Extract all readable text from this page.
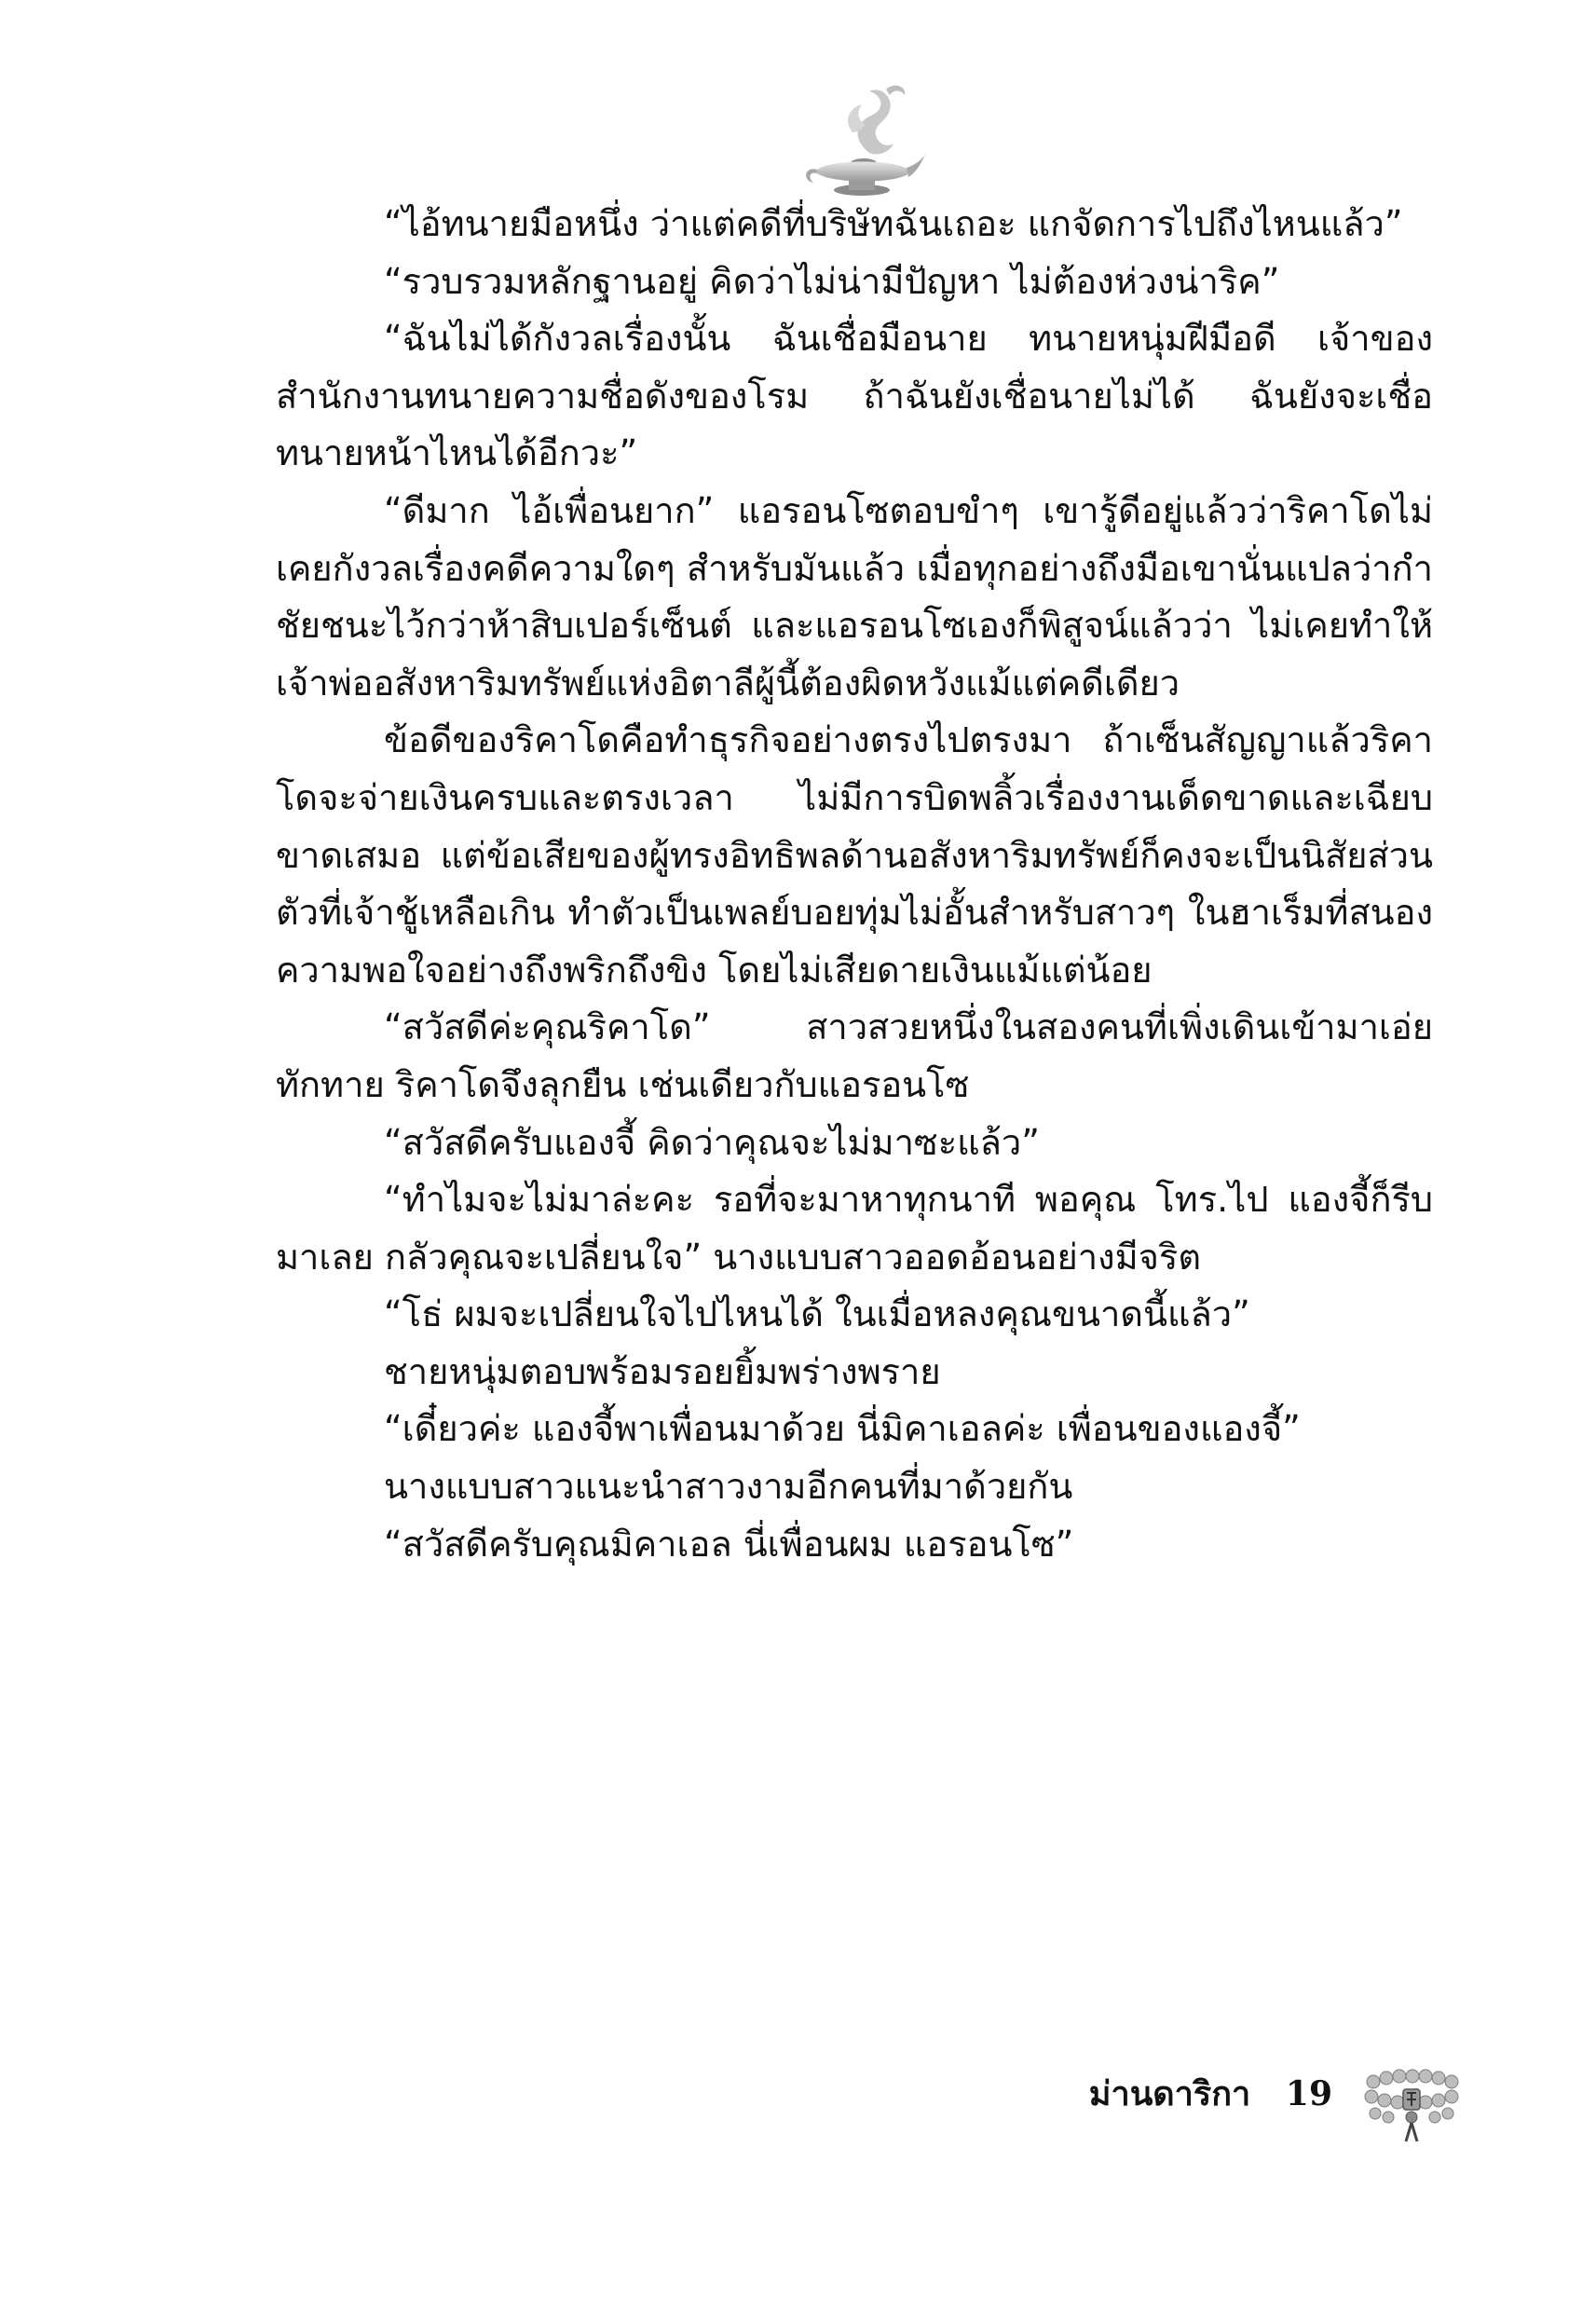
“ไอ้ทนายมือหนึ่ง ว่าแต่คดีที่บริษัทฉันเถอะ แกจัดการไปถึงไหนแล้ว”

“รวบรวมหลักฐานอยู่ คิดว่าไม่น่ามีปัญหา ไม่ต้องห่วงน่าริค”

“ฉันไม่ได้กังวลเรื่องนั้น ฉันเชื่อมือนาย ทนายหนุ่มฝีมือดี เจ้าของสำนักงานทนายความชื่อดังของโรม ถ้าฉันยังเชื่อนายไม่ได้ ฉันยังจะเชื่อทนายหน้าไหนได้อีกวะ”

“ดีมาก ไอ้เพื่อนยาก” แอรอนโซตอบขำๆ เขารู้ดีอยู่แล้วว่าริคาโดไม่เคยกังวลเรื่องคดีความใดๆ สำหรับมันแล้ว เมื่อทุกอย่างถึงมือเขานั่นแปลว่ากำชัยชนะไว้กว่าห้าสิบเปอร์เซ็นต์ และแอรอนโซเองก็พิสูจน์แล้วว่า ไม่เคยทำให้เจ้าพ่ออสังหาริมทรัพย์แห่งอิตาลีผู้นี้ต้องผิดหวังแม้แต่คดีเดียว

ข้อดีของริคาโดคือทำธุรกิจอย่างตรงไปตรงมา ถ้าเซ็นสัญญาแล้วริคาโดจะจ่ายเงินครบและตรงเวลา ไม่มีการบิดพลิ้วเรื่องงานเด็ดขาดและเฉียบขาดเสมอ แต่ข้อเสียของผู้ทรงอิทธิพลด้านอสังหาริมทรัพย์ก็คงจะเป็นนิสัยส่วนตัวที่เจ้าชู้เหลือเกิน ทำตัวเป็นเพลย์บอยทุ่มไม่อั้นสำหรับสาวๆ ในฮาเร็มที่สนองความพอใจอย่างถึงพริกถึงขิง โดยไม่เสียดายเงินแม้แต่น้อย

“สวัสดีค่ะคุณริคาโด” สาวสวยหนึ่งในสองคนที่เพิ่งเดินเข้ามาเอ่ยทักทาย ริคาโดจึงลุกยืน เช่นเดียวกับแอรอนโซ

“สวัสดีครับแองจี้ คิดว่าคุณจะไม่มาซะแล้ว”

“ทำไมจะไม่มาล่ะคะ รอที่จะมาหาทุกนาที พอคุณ โทร.ไป แองจี้ก็รีบมาเลย กลัวคุณจะเปลี่ยนใจ” นางแบบสาวออดอ้อนอย่างมีจริต

“โธ่ ผมจะเปลี่ยนใจไปไหนได้ ในเมื่อหลงคุณขนาดนี้แล้ว”

ชายหนุ่มตอบพร้อมรอยยิ้มพร่างพราย

“เดี๋ยวค่ะ แองจี้พาเพื่อนมาด้วย นี่มิคาเอลค่ะ เพื่อนของแองจี้”

นางแบบสาวแนะนำสาวงามอีกคนที่มาด้วยกัน

“สวัสดีครับคุณมิคาเอล นี่เพื่อนผม แอรอนโซ”

ม่านดาริกา 19
